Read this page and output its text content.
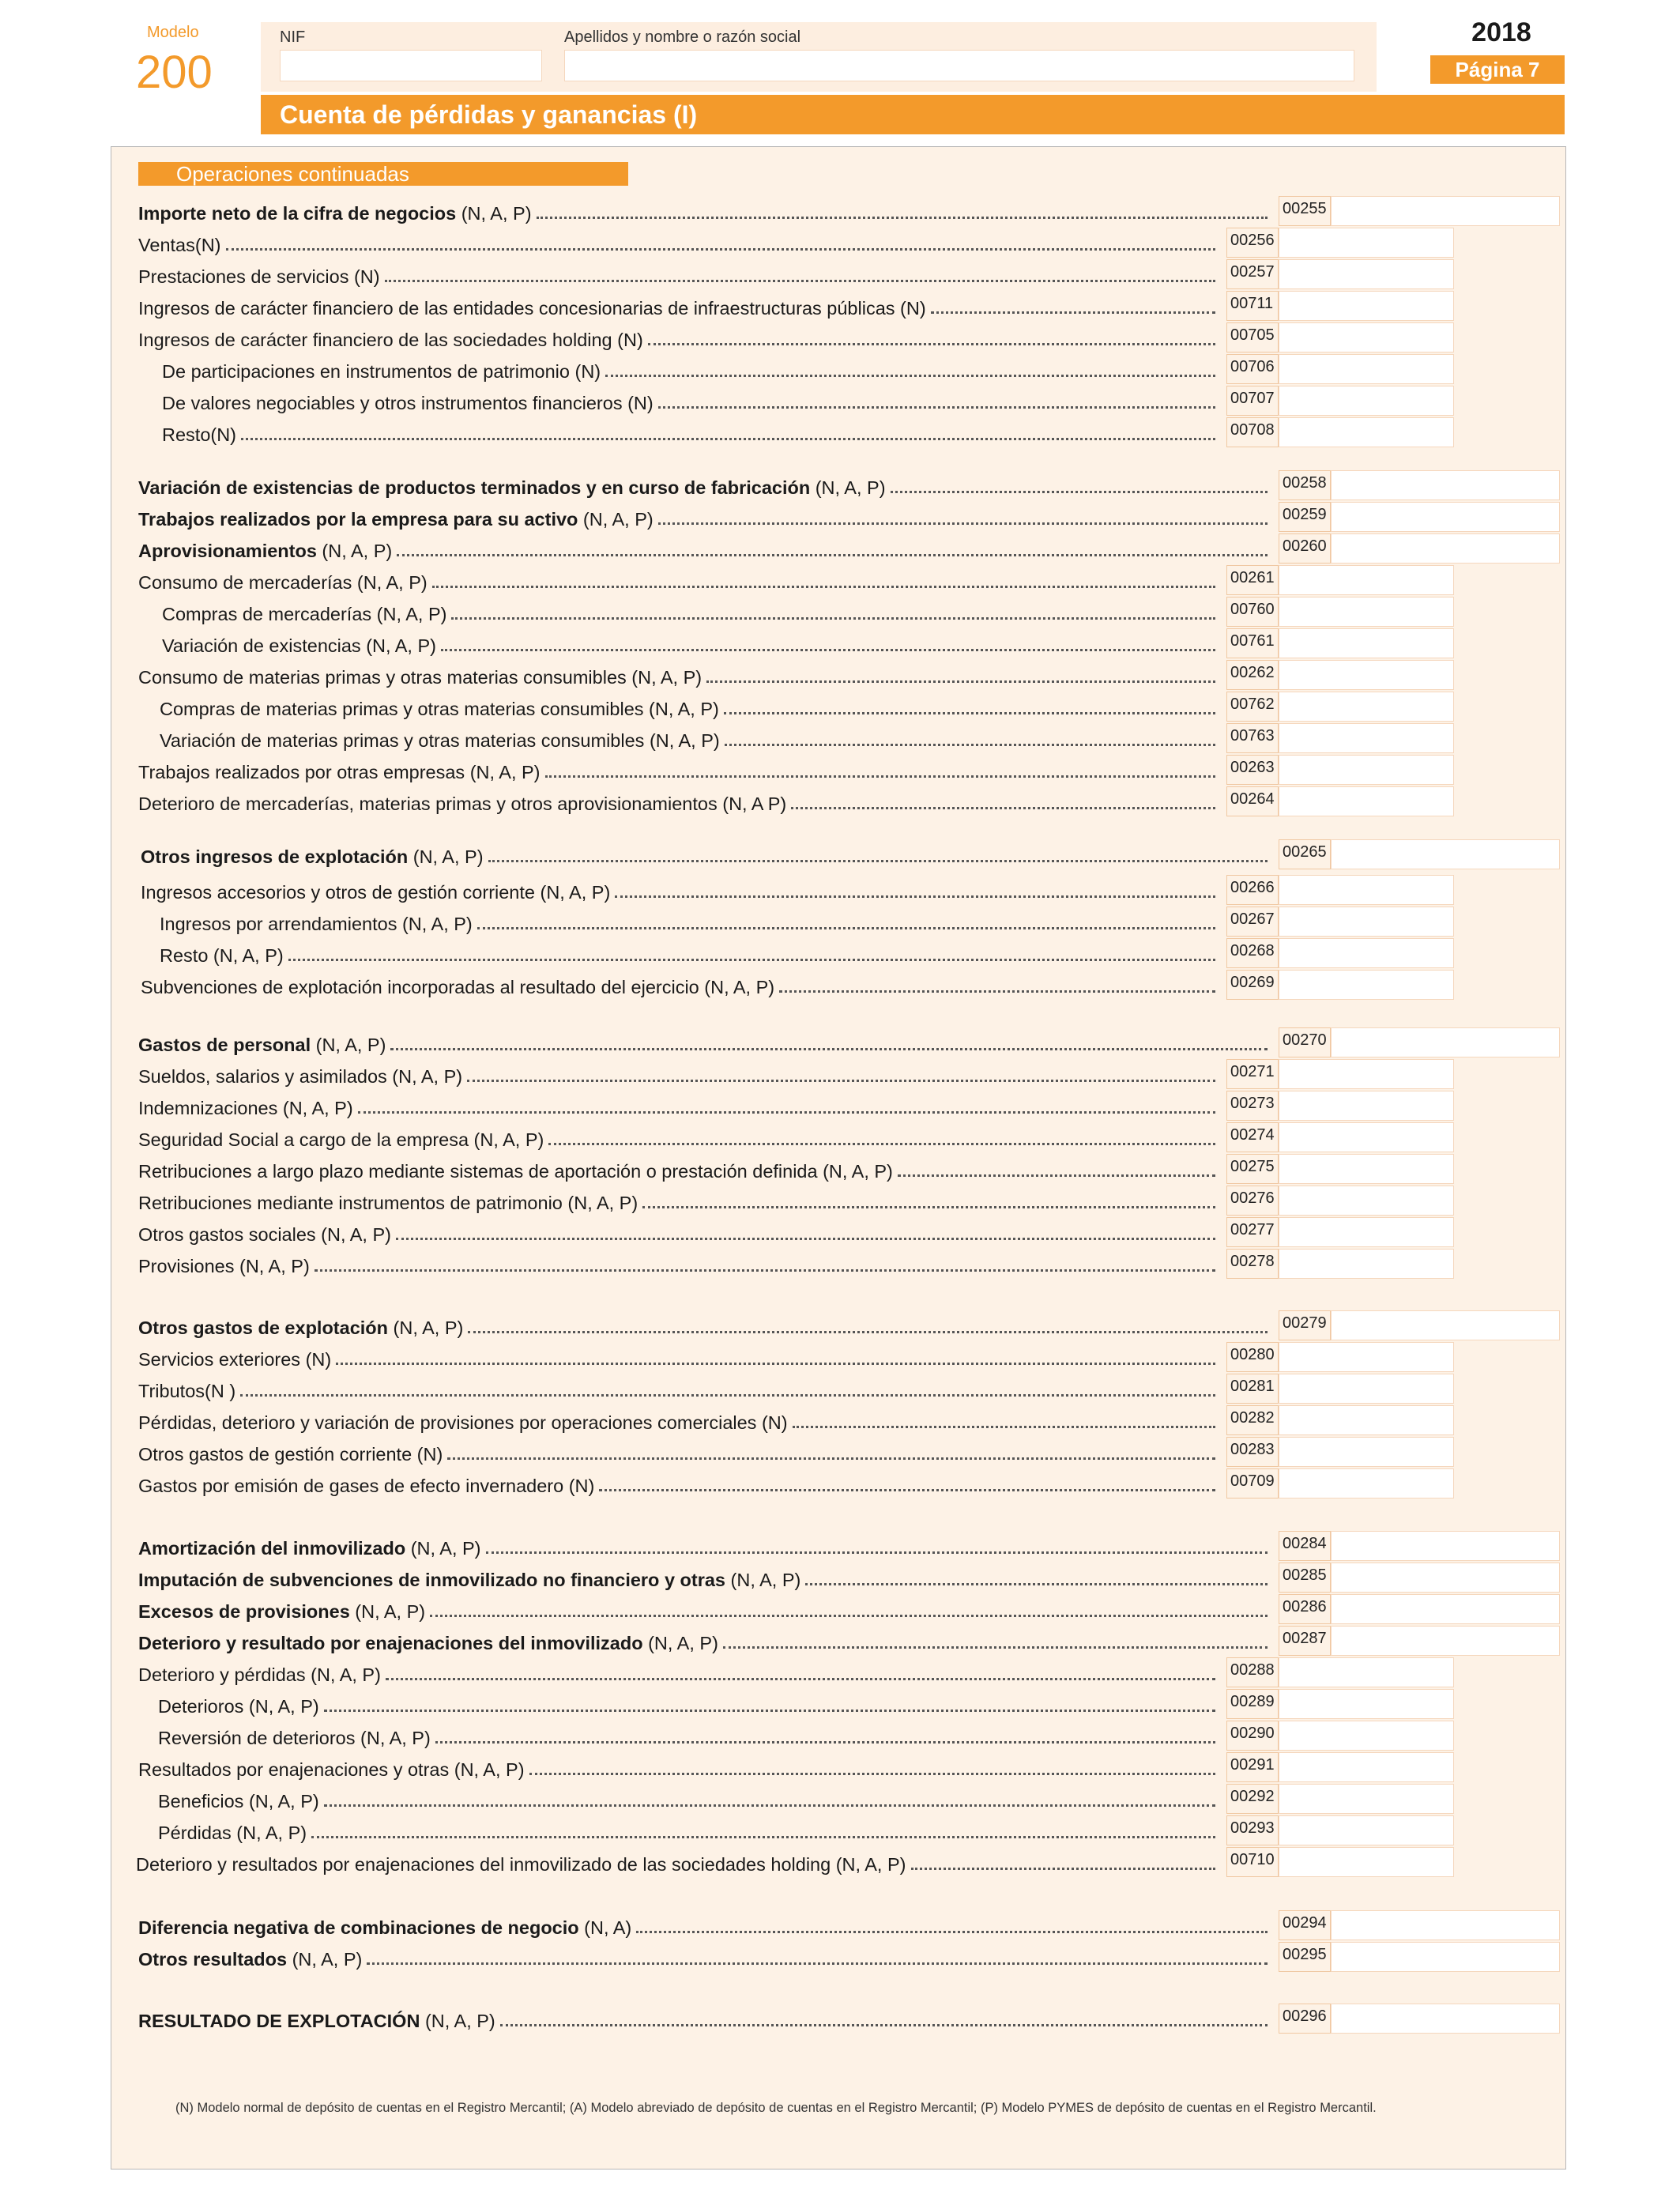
Modelo
200
NIF	Apellidos y nombre o razón social	2018
Página 7
Cuenta de pérdidas y ganancias (I)
Operaciones continuadas
Importe neto de la cifra de negocios (N, A, P)	00255
Ventas(N)	00256
Prestaciones de servicios (N)	00257
Ingresos de carácter financiero de las entidades concesionarias de infraestructuras públicas (N)	00711
Ingresos de carácter financiero de las sociedades holding (N)	00705
De participaciones en instrumentos de patrimonio (N)	00706
De valores negociables y otros instrumentos financieros (N)	00707
Resto(N)	00708
Variación de existencias de productos terminados y en curso de fabricación (N, A, P)	00258
Trabajos realizados por la empresa para su activo (N, A, P)	00259
Aprovisionamientos (N, A, P)	00260
Consumo de mercaderías (N, A, P)	00261
Compras de mercaderías (N, A, P)	00760
Variación de existencias (N, A, P)	00761
Consumo de materias primas y otras materias consumibles (N, A, P)	00262
Compras de materias primas y otras materias consumibles (N, A, P)	00762
Variación de materias primas y otras materias consumibles (N, A, P)	00763
Trabajos realizados por otras empresas (N, A, P)	00263
Deterioro de mercaderías, materias primas y otros aprovisionamientos (N, A P)	00264
Otros ingresos de explotación (N, A, P)	00265
Ingresos accesorios y otros de gestión corriente (N, A, P)	00266
Ingresos por arrendamientos (N, A, P)	00267
Resto (N, A, P)	00268
Subvenciones de explotación incorporadas al resultado del ejercicio (N, A, P)	00269
Gastos de personal (N, A, P)	00270
Sueldos, salarios y asimilados (N, A, P)	00271
Indemnizaciones (N, A, P)	00273
Seguridad Social a cargo de la empresa (N, A, P)	00274
Retribuciones a largo plazo mediante sistemas de aportación o prestación definida (N, A, P)	00275
Retribuciones mediante instrumentos de patrimonio (N, A, P)	00276
Otros gastos sociales (N, A, P)	00277
Provisiones (N, A, P)	00278
Otros gastos de explotación (N, A, P)	00279
Servicios exteriores (N)	00280
Tributos(N )	00281
Pérdidas, deterioro y variación de provisiones por operaciones comerciales (N)	00282
Otros gastos de gestión corriente (N)	00283
Gastos por emisión de gases de efecto invernadero (N)	00709
Amortización del inmovilizado (N, A, P)	00284
Imputación de subvenciones de inmovilizado no financiero y otras (N, A, P)	00285
Excesos de provisiones (N, A, P)	00286
Deterioro y resultado por enajenaciones del inmovilizado (N, A, P)	00287
Deterioro y pérdidas (N, A, P)	00288
Deterioros (N, A, P)	00289
Reversión de deterioros (N, A, P)	00290
Resultados por enajenaciones y otras (N, A, P)	00291
Beneficios (N, A, P)	00292
Pérdidas (N, A, P)	00293
Deterioro y resultados por enajenaciones del inmovilizado de las sociedades holding (N, A, P)	00710
Diferencia negativa de combinaciones de negocio (N, A)	00294
Otros resultados (N, A, P)	00295
RESULTADO DE EXPLOTACIÓN (N, A, P)	00296
(N) Modelo normal de depósito de cuentas en el Registro Mercantil; (A) Modelo abreviado de depósito de cuentas en el Registro Mercantil; (P) Modelo PYMES de depósito de cuentas en el Registro Mercantil.
